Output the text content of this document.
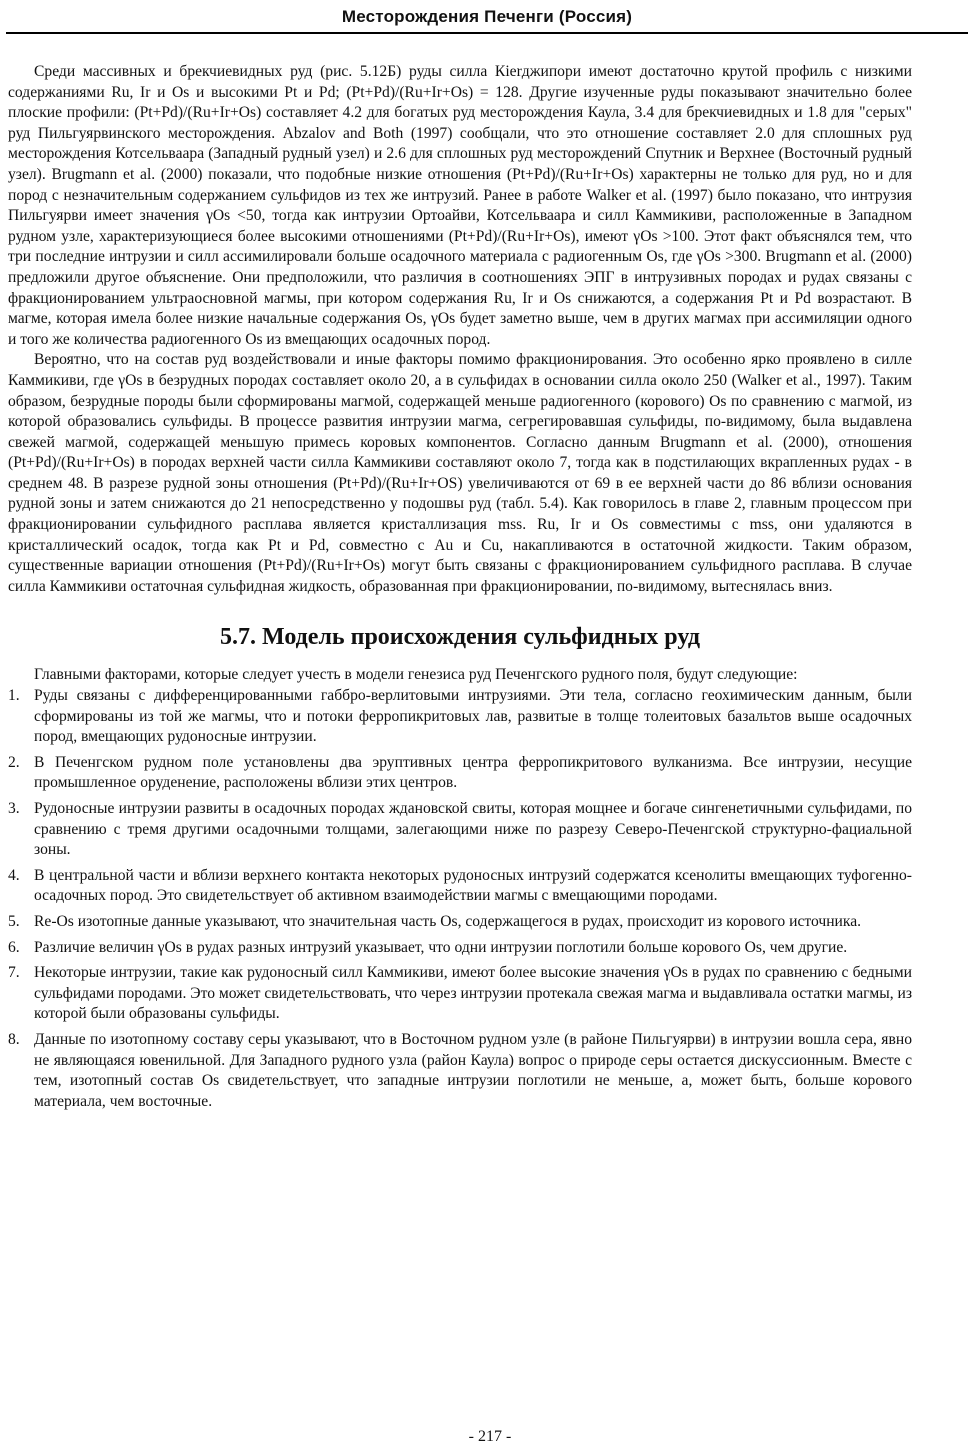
Месторождения Печенги (Россия)

Среди массивных и брекчиевидных руд (рис. 5.12Б) руды силла Кierджипори имеют достаточно крутой профиль с низкими содержаниями Ru, Ir и Os и высокими Pt и Pd; (Pt+Pd)/(Ru+Ir+Os) = 128. Другие изученные руды показывают значительно более плоские профили: (Pt+Pd)/(Ru+Ir+Os) составляет 4.2 для богатых руд месторождения Каула, 3.4 для брекчиевидных и 1.8 для "серых" руд Пильгуярвинского месторождения. Abzalov and Both (1997) сообщали, что это отношение составляет 2.0 для сплошных руд месторождения Котсельваара (Западный рудный узел) и 2.6 для сплошных руд месторождений Спутник и Верхнее (Восточный рудный узел). Brugmann et al. (2000) показали, что подобные низкие отношения (Pt+Pd)/(Ru+Ir+Os) характерны не только для руд, но и для пород с незначительным содержанием сульфидов из тех же интрузий. Ранее в работе Walker et al. (1997) было показано, что интрузия Пильгуярви имеет значения γOs <50, тогда как интрузии Ортоайви, Котсельваара и силл Каммикиви, расположенные в Западном рудном узле, характеризующиеся более высокими отношениями (Pt+Pd)/(Ru+Ir+Os), имеют γOs >100. Этот факт объяснялся тем, что три последние интрузии и силл ассимилировали больше осадочного материала с радиогенным Os, где γOs >300. Brugmann et al. (2000) предложили другое объяснение. Они предположили, что различия в соотношениях ЭПГ в интрузивных породах и рудах связаны с фракционированием ультраосновной магмы, при котором содержания Ru, Ir и Os снижаются, а содержания Pt и Pd возрастают. В магме, которая имела более низкие начальные содержания Os, γOs будет заметно выше, чем в других магмах при ассимиляции одного и того же количества радиогенного Os из вмещающих осадочных пород.

Вероятно, что на состав руд воздействовали и иные факторы помимо фракционирования. Это особенно ярко проявлено в силле Каммикиви, где γOs в безрудных породах составляет около 20, а в сульфидах в основании силла около 250 (Walker et al., 1997). Таким образом, безрудные породы были сформированы магмой, содержащей меньше радиогенного (корового) Os по сравнению с магмой, из которой образовались сульфиды. В процессе развития интрузии магма, сегрегировавшая сульфиды, по-видимому, была выдавлена свежей магмой, содержащей меньшую примесь коровых компонентов. Согласно данным Brugmann et al. (2000), отношения (Pt+Pd)/(Ru+Ir+Os) в породах верхней части силла Каммикиви составляют около 7, тогда как в подстилающих вкрапленных рудах - в среднем 48. В разрезе рудной зоны отношения (Pt+Pd)/(Ru+Ir+OS) увеличиваются от 69 в ее верхней части до 86 вблизи основания рудной зоны и затем снижаются до 21 непосредственно у подошвы руд (табл. 5.4). Как говорилось в главе 2, главным процессом при фракционировании сульфидного расплава является кристаллизация mss. Ru, Ir и Os совместимы с mss, они удаляются в кристаллический осадок, тогда как Pt и Pd, совместно с Au и Cu, накапливаются в остаточной жидкости. Таким образом, существенные вариации отношения (Pt+Pd)/(Ru+Ir+Os) могут быть связаны с фракционированием сульфидного расплава. В случае силла Каммикиви остаточная сульфидная жидкость, образованная при фракционировании, по-видимому, вытеснялась вниз.

5.7. Модель происхождения сульфидных руд

Главными факторами, которые следует учесть в модели генезиса руд Печенгского рудного поля, будут следующие:

1. Руды связаны с дифференцированными габбро-верлитовыми интрузиями. Эти тела, согласно геохимическим данным, были сформированы из той же магмы, что и потоки ферропикритовых лав, развитые в толще толеитовых базальтов выше осадочных пород, вмещающих рудоносные интрузии.
2. В Печенгском рудном поле установлены два эруптивных центра ферропикритового вулканизма. Все интрузии, несущие промышленное оруденение, расположены вблизи этих центров.
3. Рудоносные интрузии развиты в осадочных породах ждановской свиты, которая мощнее и богаче сингенетичными сульфидами, по сравнению с тремя другими осадочными толщами, залегающими ниже по разрезу Северо-Печенгской структурно-фациальной зоны.
4. В центральной части и вблизи верхнего контакта некоторых рудоносных интрузий содержатся ксенолиты вмещающих туфогенно-осадочных пород. Это свидетельствует об активном взаимодействии магмы с вмещающими породами.
5. Re-Os изотопные данные указывают, что значительная часть Os, содержащегося в рудах, происходит из корового источника.
6. Различие величин γOs в рудах разных интрузий указывает, что одни интрузии поглотили больше корового Os, чем другие.
7. Некоторые интрузии, такие как рудоносный силл Каммикиви, имеют более высокие значения γOs в рудах по сравнению с бедными сульфидами породами. Это может свидетельствовать, что через интрузии протекала свежая магма и выдавливала остатки магмы, из которой были образованы сульфиды.
8. Данные по изотопному составу серы указывают, что в Восточном рудном узле (в районе Пильгуярви) в интрузии вошла сера, явно не являющаяся ювенильной. Для Западного рудного узла (район Каула) вопрос о природе серы остается дискуссионным. Вместе с тем, изотопный состав Os свидетельствует, что западные интрузии поглотили не меньше, а, может быть, больше корового материала, чем восточные.
- 217 -
